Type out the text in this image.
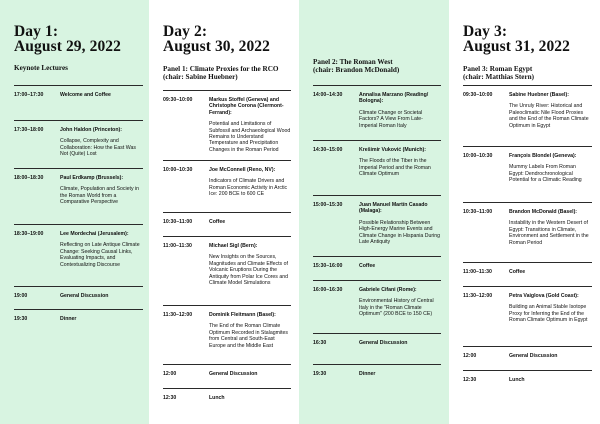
Day 1:
August 29, 2022
Keynote Lectures
17:00–17:30	Welcome and Coffee
17:30–18:00	John Haldon (Princeton):
Collapse, Complexity and Collaboration: How the East Was Not (Quite) Lost
18:00–18:30	Paul Erdkamp (Brussels):
Climate, Population and Society in the Roman World from a Comparative Perspective
18:30–19:00	Lee Mordechai (Jerusalem):
Reflecting on Late Antique Climate Change: Seeking Causal Links, Evaluating Impacts, and Contextualizing Discourse
19:00	General Discussion
19:30	Dinner
Day 2:
August 30, 2022
Panel 1: Climate Proxies for the RCO
(chair: Sabine Huebner)
09:30–10:00	Markus Stoffel (Geneva) and Christophe Corona (Clermont-Ferrand):
Potential and Limitations of Subfossil and Archaeological Wood Remains to Understand Temperature and Precipitation Changes in the Roman Period
10:00–10:30	Joe McConnell (Reno, NV):
Indicators of Climate Drivers and Roman Economic Activity in Arctic Ice: 200 BCE to 600 CE
10:30–11:00	Coffee
11:00–11:30	Michael Sigl (Bern):
New Insights on the Sources, Magnitudes and Climate Effects of Volcanic Eruptions During the Antiquity from Polar Ice Cores and Climate Model Simulations
11:30–12:00	Dominik Fleitmann (Basel):
The End of the Roman Climate Optimum Recorded in Stalagmites from Central and South-East Europe and the Middle East
12:00	General Discussion
12:30	Lunch
Panel 2: The Roman West
(chair: Brandon McDonald)
14:00–14:30	Annalisa Marzano (Reading/ Bologna):
Climate Change or Societal Factors? A View From Late-Imperial Roman Italy
14:30–15:00	Krešimir Vuković (Munich):
The Floods of the Tiber in the Imperial Period and the Roman Climate Optimum
15:00–15:30	Juan Manuel Martín Casado (Malaga):
Possible Relationship Between High-Energy Marine Events and Climate Change in Hispania During Late Antiquity
15:30–16:00	Coffee
16:00–16:30	Gabriele Cifani (Rome):
Environmental History of Central Italy in the "Roman Climate Optimum" (200 BCE to 150 CE)
16:30	General Discussion
19:30	Dinner
Day 3:
August 31, 2022
Panel 3: Roman Egypt
(chair: Matthias Stern)
09:30–10:00	Sabine Huebner (Basel):
The Unruly River: Historical and Paleoclimatic Nile Flood Proxies and the End of the Roman Climate Optimum in Egypt
10:00–10:30	François Blondel (Geneva):
Mummy Labels From Roman Egypt: Dendrochronological Potential for a Climatic Reading
10:30–11:00	Brandon McDonald (Basel):
Instability in the Western Desert of Egypt: Transitions in Climate, Environment and Settlement in the Roman Period
11:00–11:30	Coffee
11:30–12:00	Petra Vaiglova (Gold Coast):
Building an Animal Stable Isotope Proxy for Inferring the End of the Roman Climate Optimum in Egypt
12:00	General Discussion
12:30	Lunch
